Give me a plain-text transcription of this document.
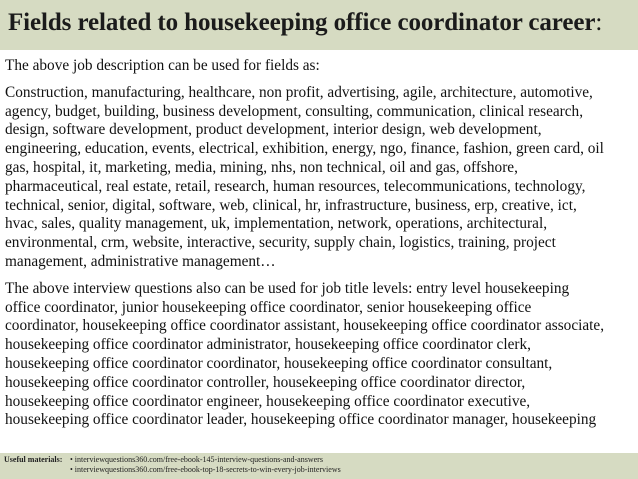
Fields related to housekeeping office coordinator career:

The above job description can be used for fields as:

Construction, manufacturing, healthcare, non profit, advertising, agile, architecture, automotive,
agency, budget, building, business development, consulting, communication, clinical research,
design, software development, product development, interior design, web development,
engineering, education, events, electrical, exhibition, energy, ngo, finance, fashion, green card, oil
gas, hospital, it, marketing, media, mining, nhs, non technical, oil and gas, offshore,
pharmaceutical, real estate, retail, research, human resources, telecommunications, technology,
technical, senior, digital, software, web, clinical, hr, infrastructure, business, erp, creative, ict,
hvac, sales, quality management, uk, implementation, network, operations, architectural,
environmental, crm, website, interactive, security, supply chain, logistics, training, project
management, administrative management…

The above interview questions also can be used for job title levels: entry level housekeeping
office coordinator, junior housekeeping office coordinator, senior housekeeping office
coordinator, housekeeping office coordinator assistant, housekeeping office coordinator associate,
housekeeping office coordinator administrator, housekeeping office coordinator clerk,
housekeeping office coordinator coordinator, housekeeping office coordinator consultant,
housekeeping office coordinator controller, housekeeping office coordinator director,
housekeeping office coordinator engineer, housekeeping office coordinator executive,
housekeeping office coordinator leader, housekeeping office coordinator manager, housekeeping

Useful materials: • interviewquestions360.com/free-ebook-145-interview-questions-and-answers
• interviewquestions360.com/free-ebook-top-18-secrets-to-win-every-job-interviews
